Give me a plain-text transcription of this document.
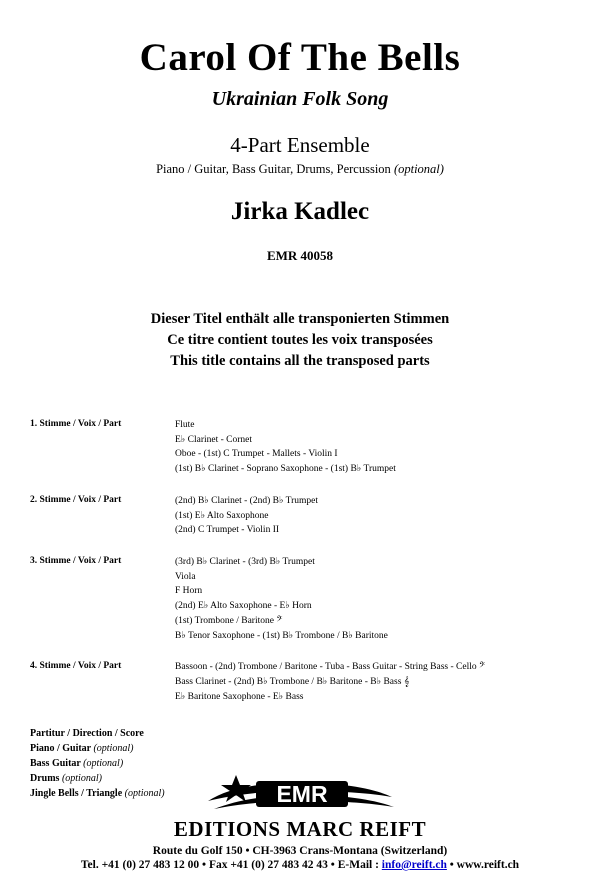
Carol Of The Bells
Ukrainian Folk Song
4-Part Ensemble
Piano / Guitar, Bass Guitar, Drums, Percussion (optional)
Jirka Kadlec
EMR 40058
Dieser Titel enthält alle transponierten Stimmen
Ce titre contient toutes les voix transposées
This title contains all the transposed parts
1. Stimme / Voix / Part	Flute
E♭ Clarinet - Cornet
Oboe - (1st) C Trumpet - Mallets - Violin I
(1st) B♭ Clarinet - Soprano Saxophone - (1st) B♭ Trumpet
2. Stimme / Voix / Part	(2nd) B♭ Clarinet - (2nd) B♭ Trumpet
(1st) E♭ Alto Saxophone
(2nd) C Trumpet - Violin II
3. Stimme / Voix / Part	(3rd) B♭ Clarinet - (3rd) B♭ Trumpet
Viola
F Horn
(2nd) E♭ Alto Saxophone - E♭ Horn
(1st) Trombone / Baritone 𝄢
B♭ Tenor Saxophone - (1st) B♭ Trombone / B♭ Baritone
4. Stimme / Voix / Part	Bassoon - (2nd) Trombone / Baritone - Tuba - Bass Guitar - String Bass - Cello 𝄢
Bass Clarinet - (2nd) B♭ Trombone / B♭ Baritone - B♭ Bass 𝄞
E♭ Baritone Saxophone - E♭ Bass
Partitur / Direction / Score
Piano / Guitar (optional)
Bass Guitar (optional)
Drums (optional)
Jingle Bells / Triangle (optional)	EMR
EDITIONS MARC REIFT
Route du Golf 150 • CH-3963 Crans-Montana (Switzerland)
Tel. +41 (0) 27 483 12 00 • Fax +41 (0) 27 483 42 43 • E-Mail : info@reift.ch • www.reift.ch
